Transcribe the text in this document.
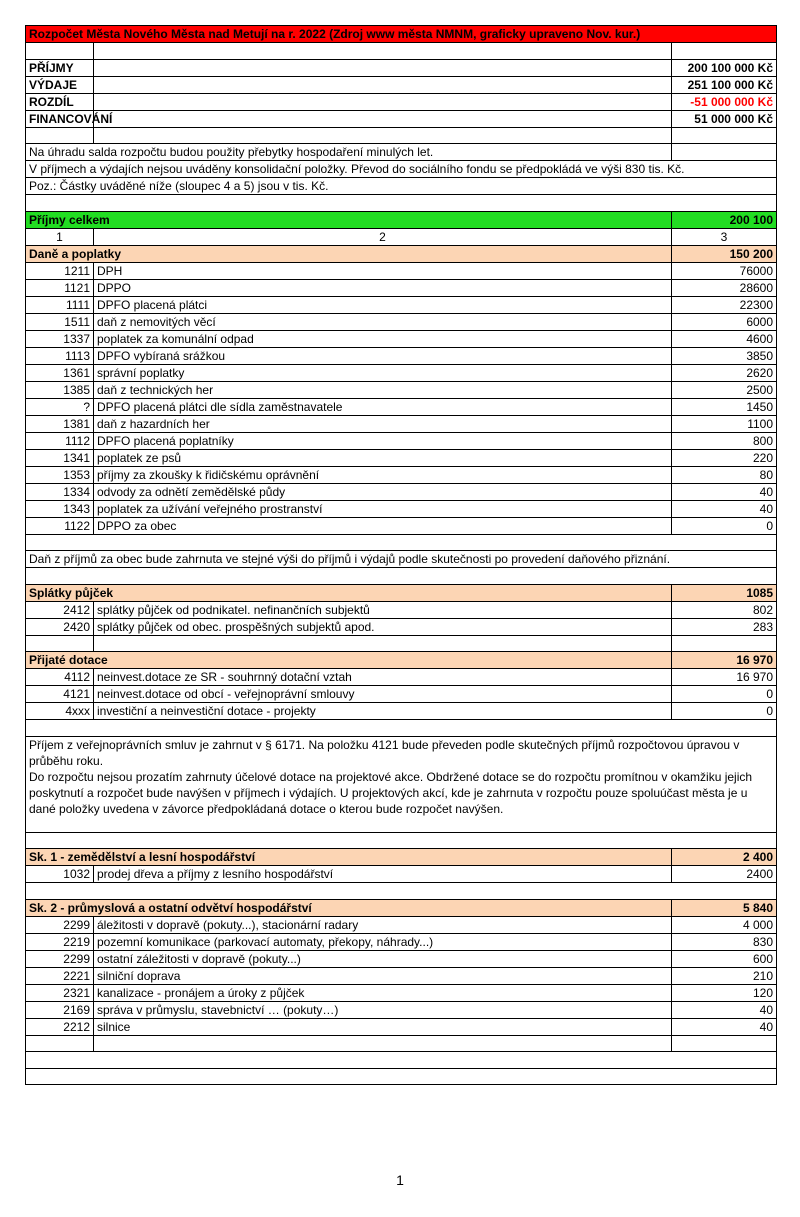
Rozpočet Města Nového Města nad Metují na r. 2022 (Zdroj www města NMNM, graficky upraveno Nov. kur.)		

PŘÍJMY		200 100 000 Kč
VÝDAJE		251 100 000 Kč
ROZDÍL		-51 000 000 Kč
FINANCOVÁNÍ		51 000 000 Kč

Na úhradu salda rozpočtu budou použity přebytky hospodaření minulých let.		
V příjmech a výdajích nejsou uváděny konsolidační položky. Převod do sociálního fondu se předpokládá ve výši 830 tis. Kč.		
Poz.: Částky uváděné níže (sloupec 4 a 5) jsou v tis. Kč.		

Příjmy celkem		200 100
1	2	3
Daně a poplatky		150 200
1211	DPH	76000
1121	DPPO	28600
1111	DPFO placená plátci	22300
1511	daň z nemovitých věcí	6000
1337	poplatek za komunální odpad	4600
1113	DPFO vybíraná srážkou	3850
1361	správní poplatky	2620
1385	daň z technických her	2500
?	DPFO placená plátci dle sídla zaměstnavatele	1450
1381	daň z hazardních her	1100
1112	DPFO placená poplatníky	800
1341	poplatek ze psů	220
1353	příjmy za zkoušky k řidičskému oprávnění	80
1334	odvody za odnětí zemědělské půdy	40
1343	poplatek za užívání veřejného prostranství	40
1122	DPPO za obec	0

Daň z příjmů za obec bude zahrnuta ve stejné výši do příjmů i výdajů podle skutečnosti po provedení daňového přiznání.		

Splátky půjček		1085
2412	splátky půjček od podnikatel. nefinančních subjektů	802
2420	splátky půjček od obec. prospěšných subjektů apod.	283

Přijaté dotace		16 970
4112	neinvest.dotace ze SR - souhrnný dotační vztah	16 970
4121	neinvest.dotace od obcí - veřejnoprávní smlouvy	0
4xxx	investiční a neinvestiční dotace - projekty	0

Příjem z veřejnoprávních smluv je zahrnut v § 6171. Na položku 4121 bude převeden podle skutečných příjmů rozpočtovou úpravou v průběhu roku.
Do rozpočtu nejsou prozatím zahrnuty účelové dotace na projektové akce. Obdržené dotace se do rozpočtu promítnou v okamžiku jejich poskytnutí a rozpočet bude navýšen v příjmech i výdajích. U projektových akcí, kde je zahrnuta v rozpočtu pouze spoluúčast města je u dané položky uvedena v závorce předpokládaná dotace o kterou bude rozpočet navýšen.		

Sk. 1 - zemědělství a lesní hospodářství		2 400
1032	prodej dřeva a příjmy z lesního hospodářství	2400

Sk. 2 - průmyslová a ostatní odvětví hospodářství		5 840
2299	áležitosti v dopravě (pokuty...), stacionární radary	4 000
2219	pozemní komunikace (parkovací automaty, překopy, náhrady...)	830
2299	ostatní záležitosti v dopravě (pokuty...)	600
2221	silniční doprava	210
2321	kanalizace - pronájem a úroky z půjček	120
2169	správa v průmyslu, stavebnictví … (pokuty…)	40
2212	silnice	40

1
